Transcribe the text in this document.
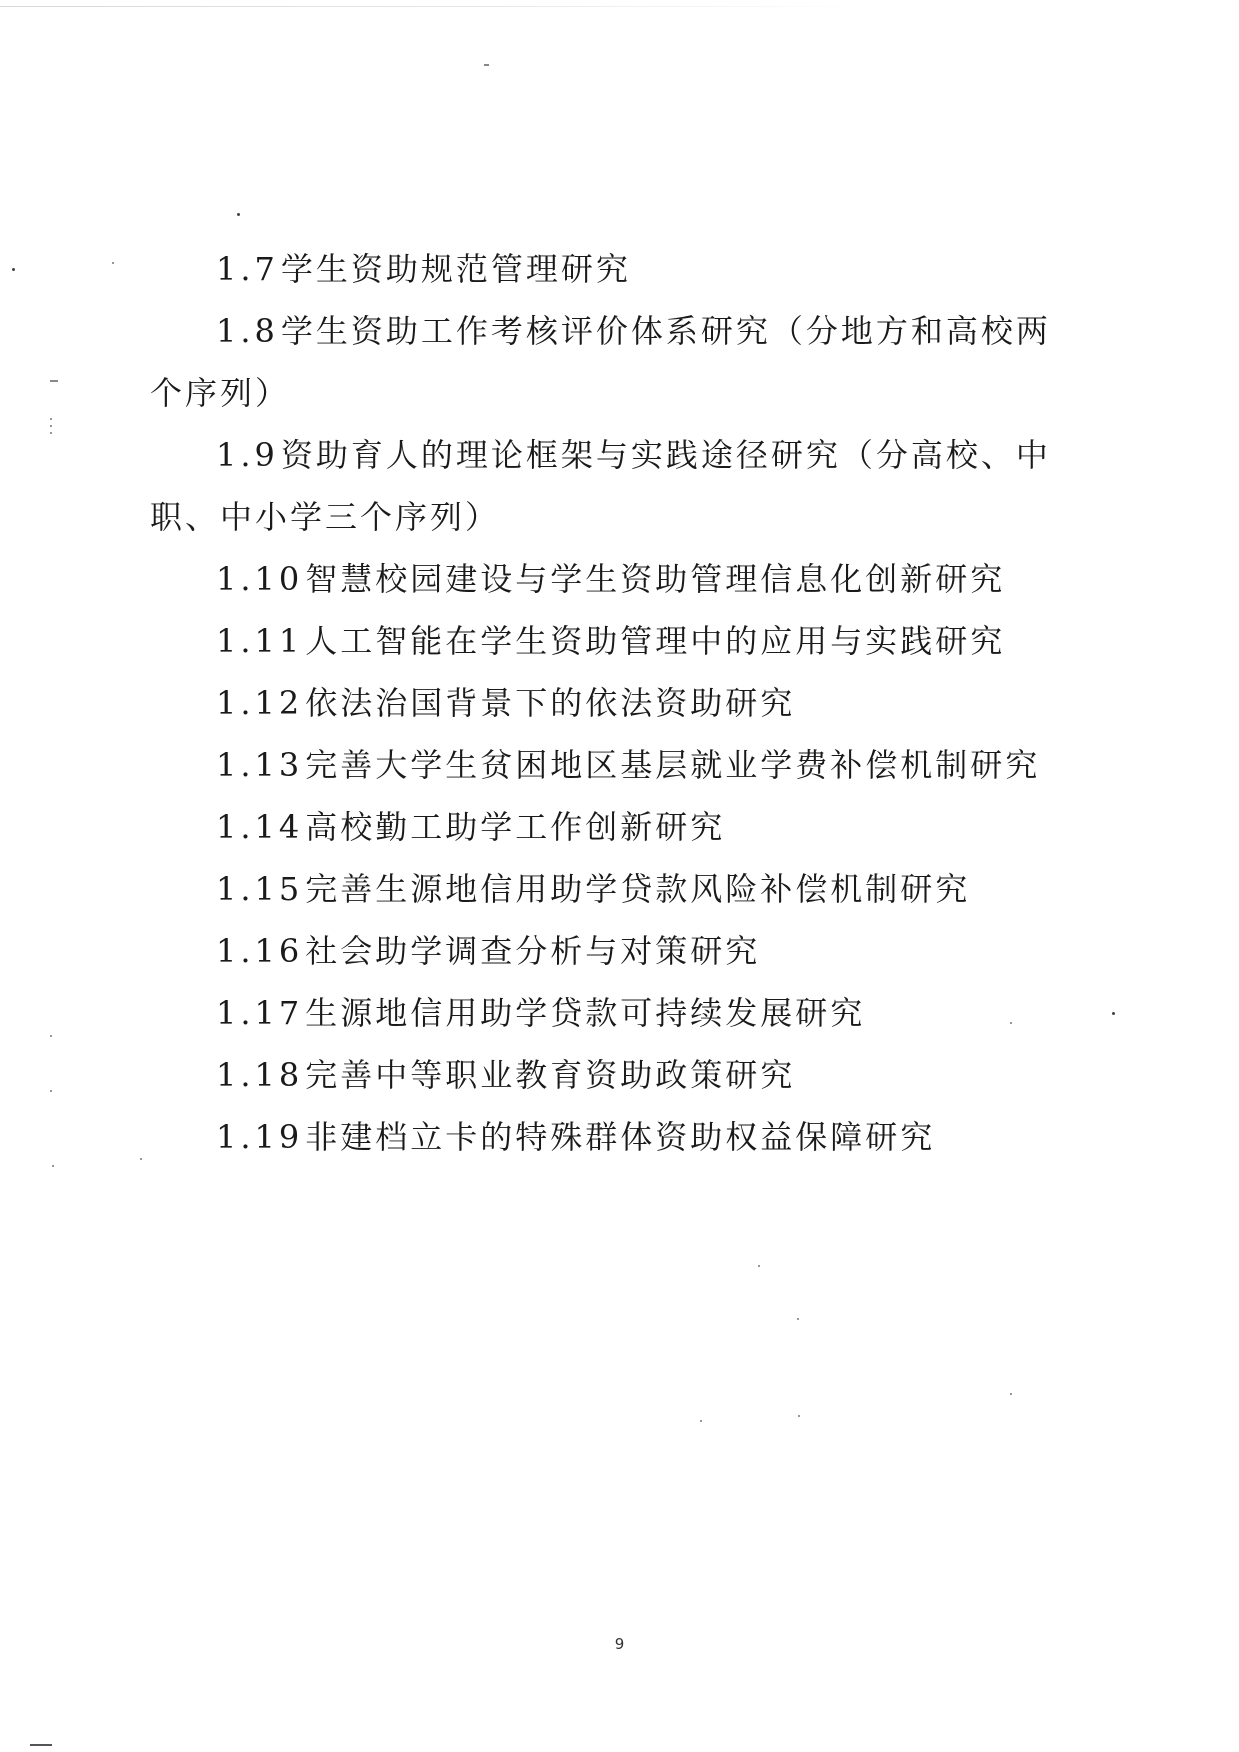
1.7学生资助规范管理研究

1.8学生资助工作考核评价体系研究（分地方和高校两个序列）

1.9资助育人的理论框架与实践途径研究（分高校、中职、中小学三个序列）

1.10智慧校园建设与学生资助管理信息化创新研究

1.11人工智能在学生资助管理中的应用与实践研究

1.12依法治国背景下的依法资助研究

1.13完善大学生贫困地区基层就业学费补偿机制研究

1.14高校勤工助学工作创新研究

1.15完善生源地信用助学贷款风险补偿机制研究

1.16社会助学调查分析与对策研究

1.17生源地信用助学贷款可持续发展研究

1.18完善中等职业教育资助政策研究

1.19非建档立卡的特殊群体资助权益保障研究

9
